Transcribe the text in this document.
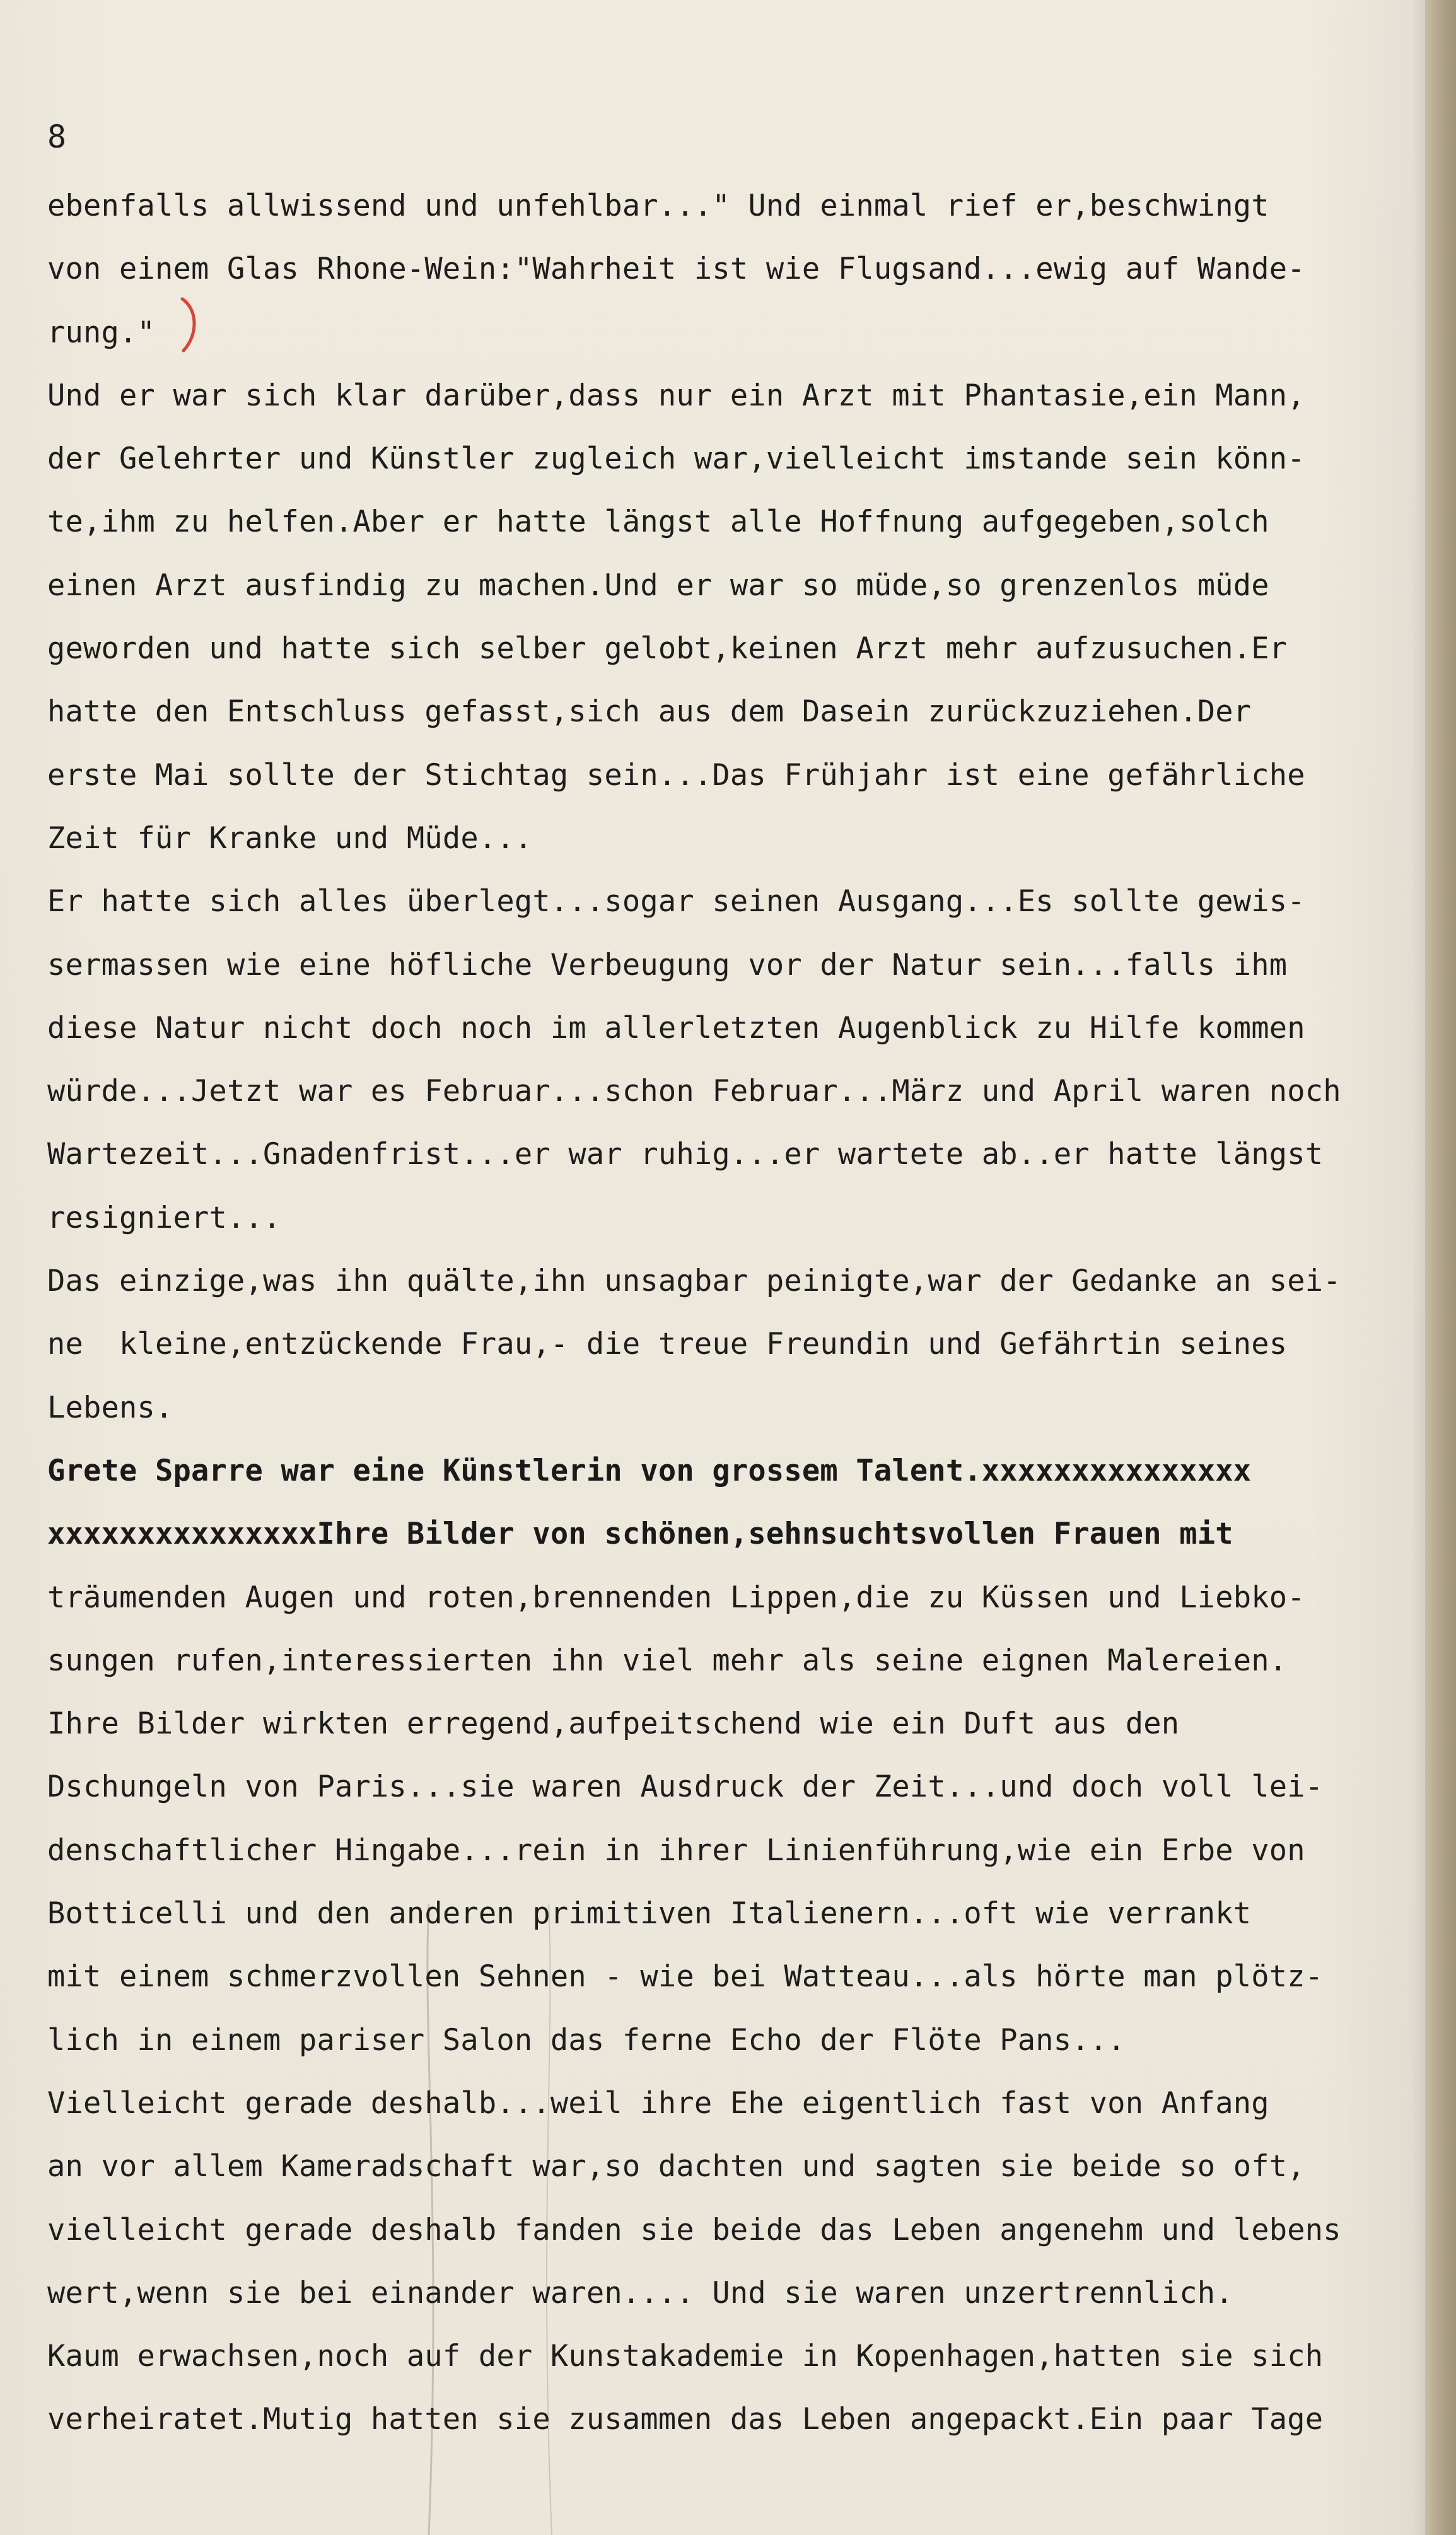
8
ebenfalls allwissend und unfehlbar..." Und einmal rief er,beschwingt
von einem Glas Rhone-Wein:"Wahrheit ist wie Flugsand...ewig auf Wande-
rung."
Und er war sich klar darüber,dass nur ein Arzt mit Phantasie,ein Mann,
der Gelehrter und Künstler zugleich war,vielleicht imstande sein könn-
te,ihm zu helfen.Aber er hatte längst alle Hoffnung aufgegeben,solch
einen Arzt ausfindig zu machen.Und er war so müde,so grenzenlos müde
geworden und hatte sich selber gelobt,keinen Arzt mehr aufzusuchen.Er
hatte den Entschluss gefasst,sich aus dem Dasein zurückzuziehen.Der
erste Mai sollte der Stichtag sein...Das Frühjahr ist eine gefährliche
Zeit für Kranke und Müde...
Er hatte sich alles überlegt...sogar seinen Ausgang...Es sollte gewis-
sermassen wie eine höfliche Verbeugung vor der Natur sein...falls ihm
diese Natur nicht doch noch im allerletzten Augenblick zu Hilfe kommen
würde...Jetzt war es Februar...schon Februar...März und April waren noch
Wartezeit...Gnadenfrist...er war ruhig...er wartete ab..er hatte längst
resigniert...
Das einzige,was ihn quälte,ihn unsagbar peinigte,war der Gedanke an sei-
ne  kleine,entzückende Frau,- die treue Freundin und Gefährtin seines
Lebens.
Grete Sparre war eine Künstlerin von grossem Talent.xxxxxxxxxxxxxxx
xxxxxxxxxxxxxxxIhre Bilder von schönen,sehnsuchtsvollen Frauen mit
träumenden Augen und roten,brennenden Lippen,die zu Küssen und Liebko-
sungen rufen,interessierten ihn viel mehr als seine eignen Malereien.
Ihre Bilder wirkten erregend,aufpeitschend wie ein Duft aus den
Dschungeln von Paris...sie waren Ausdruck der Zeit...und doch voll lei-
denschaftlicher Hingabe...rein in ihrer Linienführung,wie ein Erbe von
Botticelli und den anderen primitiven Italienern...oft wie verrankt
mit einem schmerzvollen Sehnen - wie bei Watteau...als hörte man plötz-
lich in einem pariser Salon das ferne Echo der Flöte Pans...
Vielleicht gerade deshalb...weil ihre Ehe eigentlich fast von Anfang
an vor allem Kameradschaft war,so dachten und sagten sie beide so oft,
vielleicht gerade deshalb fanden sie beide das Leben angenehm und lebens
wert,wenn sie bei einander waren.... Und sie waren unzertrennlich.
Kaum erwachsen,noch auf der Kunstakademie in Kopenhagen,hatten sie sich
verheiratet.Mutig hatten sie zusammen das Leben angepackt.Ein paar Tage
